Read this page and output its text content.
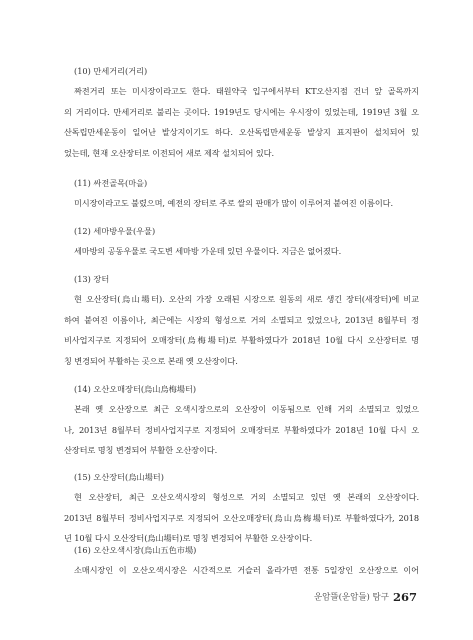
(10) 만세거리(거리)
짜전거리 또는 미시장이라고도 한다. 태원약국 입구에서부터 KT오산지점 건너 앞 골목까지
의 거리이다. 만세거리로 불리는 곳이다. 1919년도 당시에는 우시장이 있었는데, 1919년 3월 오
산독립만세운동이 일어난 발상지이기도 하다. 오산독립만세운동 발상지 표지판이 설치되어 있
었는데, 현재 오산장터로 이전되어 새로 제작 설치되어 있다.
(11) 싸전골목(마을)
미시장이라고도 불렸으며, 예전의 장터로 주로 쌀의 판매가 많이 이루어져 붙여진 이름이다.
(12) 세마방우물(우물)
세마방의 공동우물로 국도변 세마방 가운데 있던 우물이다. 지금은 없어졌다.
(13) 장터
현 오산장터(烏山場터). 오산의 가장 오래된 시장으로 원동의 새로 생긴 장터(새장터)에 비교
하여 붙여진 이름이나, 최근에는 시장의 형성으로 거의 소멸되고 있었으나, 2013년 8월부터 정
비사업지구로 지정되어 오매장터(烏梅場터)로 부활하였다가 2018년 10월 다시 오산장터로 명
칭 변경되어 부활하는 곳으로 본래 옛 오산장이다.
(14) 오산오매장터(烏山烏梅場터)
본래 옛 오산장으로 최근 오색시장으로의 오산장이 이동됨으로 인해 거의 소멸되고 있었으
나, 2013년 8월부터 정비사업지구로 지정되어 오매장터로 부활하였다가 2018년 10월 다시 오
산장터로 명칭 변경되어 부활한 오산장이다.
(15) 오산장터(烏山場터)
현 오산장터, 최근 오산오색시장의 형성으로 거의 소멸되고 있던 옛 본래의 오산장이다.
2013년 8월부터 정비사업지구로 지정되어 오산오매장터(烏山烏梅場터)로 부활하였다가, 2018
년 10월 다시 오산장터(烏山場터)로 명칭 변경되어 부활한 오산장이다.
(16) 오산오색시장(烏山五色市場)
소매시장인 이 오산오색시장은 시간적으로 거슬러 올라가면 전통 5일장인 오산장으로 이어
운암뜰(운암들) 탐구 267
